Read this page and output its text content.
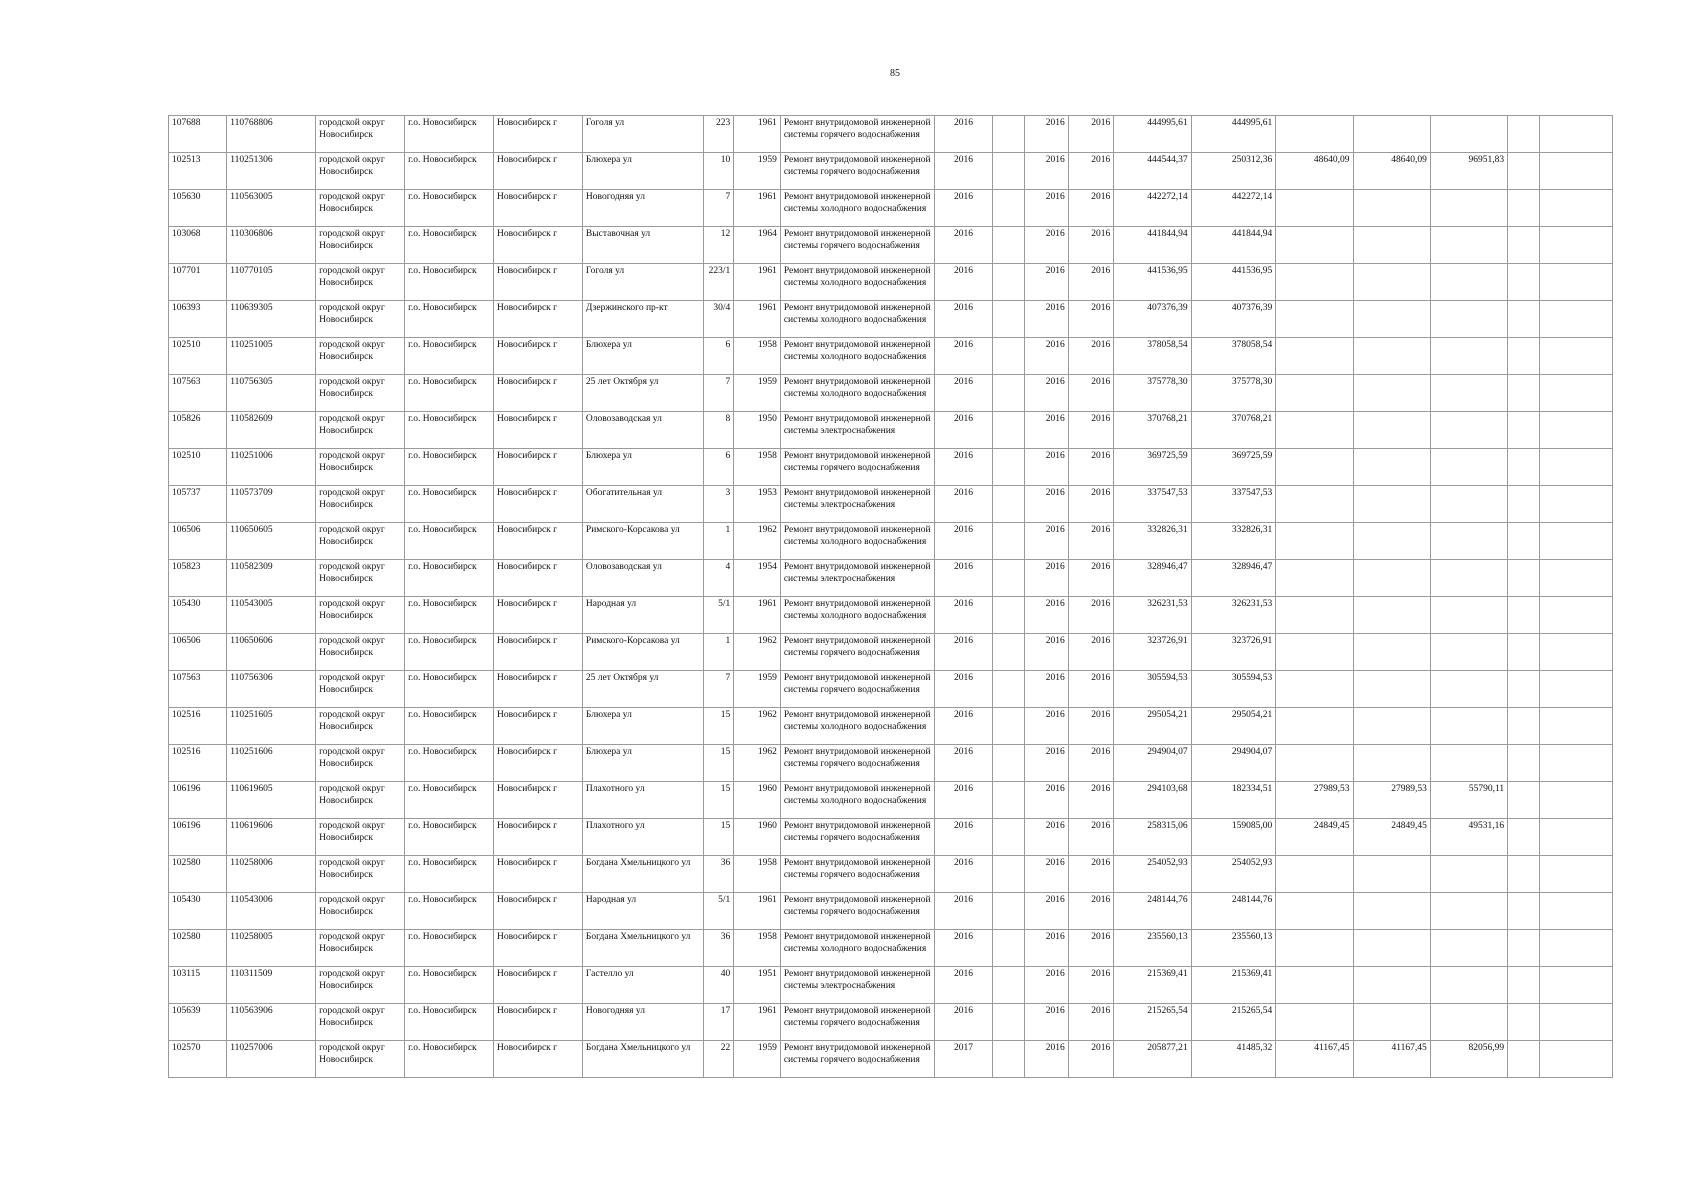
85
107688	110768806	городской округ Новосибирск	г.о. Новосибирск	Новосибирск г	Гоголя ул	223	1961	Ремонт внутридомовой инженерной системы горячего водоснабжения	2016		2016	2016	444995,61	444995,61					
102513	110251306	городской округ Новосибирск	г.о. Новосибирск	Новосибирск г	Блюхера ул	10	1959	Ремонт внутридомовой инженерной системы горячего водоснабжения	2016		2016	2016	444544,37	250312,36	48640,09	48640,09	96951,83		
105630	110563005	городской округ Новосибирск	г.о. Новосибирск	Новосибирск г	Новогодняя ул	7	1961	Ремонт внутридомовой инженерной системы холодного водоснабжения	2016		2016	2016	442272,14	442272,14					
103068	110306806	городской округ Новосибирск	г.о. Новосибирск	Новосибирск г	Выставочная ул	12	1964	Ремонт внутридомовой инженерной системы горячего водоснабжения	2016		2016	2016	441844,94	441844,94					
107701	110770105	городской округ Новосибирск	г.о. Новосибирск	Новосибирск г	Гоголя ул	223/1	1961	Ремонт внутридомовой инженерной системы холодного водоснабжения	2016		2016	2016	441536,95	441536,95					
106393	110639305	городской округ Новосибирск	г.о. Новосибирск	Новосибирск г	Дзержинского пр-кт	30/4	1961	Ремонт внутридомовой инженерной системы холодного водоснабжения	2016		2016	2016	407376,39	407376,39					
102510	110251005	городской округ Новосибирск	г.о. Новосибирск	Новосибирск г	Блюхера ул	6	1958	Ремонт внутридомовой инженерной системы холодного водоснабжения	2016		2016	2016	378058,54	378058,54					
107563	110756305	городской округ Новосибирск	г.о. Новосибирск	Новосибирск г	25 лет Октября ул	7	1959	Ремонт внутридомовой инженерной системы холодного водоснабжения	2016		2016	2016	375778,30	375778,30					
105826	110582609	городской округ Новосибирск	г.о. Новосибирск	Новосибирск г	Оловозаводская ул	8	1950	Ремонт внутридомовой инженерной системы электроснабжения	2016		2016	2016	370768,21	370768,21					
102510	110251006	городской округ Новосибирск	г.о. Новосибирск	Новосибирск г	Блюхера ул	6	1958	Ремонт внутридомовой инженерной системы горячего водоснабжения	2016		2016	2016	369725,59	369725,59					
105737	110573709	городской округ Новосибирск	г.о. Новосибирск	Новосибирск г	Обогатительная ул	3	1953	Ремонт внутридомовой инженерной системы электроснабжения	2016		2016	2016	337547,53	337547,53					
106506	110650605	городской округ Новосибирск	г.о. Новосибирск	Новосибирск г	Римского-Корсакова ул	1	1962	Ремонт внутридомовой инженерной системы холодного водоснабжения	2016		2016	2016	332826,31	332826,31					
105823	110582309	городской округ Новосибирск	г.о. Новосибирск	Новосибирск г	Оловозаводская ул	4	1954	Ремонт внутридомовой инженерной системы электроснабжения	2016		2016	2016	328946,47	328946,47					
105430	110543005	городской округ Новосибирск	г.о. Новосибирск	Новосибирск г	Народная ул	5/1	1961	Ремонт внутридомовой инженерной системы холодного водоснабжения	2016		2016	2016	326231,53	326231,53					
106506	110650606	городской округ Новосибирск	г.о. Новосибирск	Новосибирск г	Римского-Корсакова ул	1	1962	Ремонт внутридомовой инженерной системы горячего водоснабжения	2016		2016	2016	323726,91	323726,91					
107563	110756306	городской округ Новосибирск	г.о. Новосибирск	Новосибирск г	25 лет Октября ул	7	1959	Ремонт внутридомовой инженерной системы горячего водоснабжения	2016		2016	2016	305594,53	305594,53					
102516	110251605	городской округ Новосибирск	г.о. Новосибирск	Новосибирск г	Блюхера ул	15	1962	Ремонт внутридомовой инженерной системы холодного водоснабжения	2016		2016	2016	295054,21	295054,21					
102516	110251606	городской округ Новосибирск	г.о. Новосибирск	Новосибирск г	Блюхера ул	15	1962	Ремонт внутридомовой инженерной системы горячего водоснабжения	2016		2016	2016	294904,07	294904,07					
106196	110619605	городской округ Новосибирск	г.о. Новосибирск	Новосибирск г	Плахотного ул	15	1960	Ремонт внутридомовой инженерной системы холодного водоснабжения	2016		2016	2016	294103,68	182334,51	27989,53	27989,53	55790,11		
106196	110619606	городской округ Новосибирск	г.о. Новосибирск	Новосибирск г	Плахотного ул	15	1960	Ремонт внутридомовой инженерной системы горячего водоснабжения	2016		2016	2016	258315,06	159085,00	24849,45	24849,45	49531,16		
102580	110258006	городской округ Новосибирск	г.о. Новосибирск	Новосибирск г	Богдана Хмельницкого ул	36	1958	Ремонт внутридомовой инженерной системы горячего водоснабжения	2016		2016	2016	254052,93	254052,93					
105430	110543006	городской округ Новосибирск	г.о. Новосибирск	Новосибирск г	Народная ул	5/1	1961	Ремонт внутридомовой инженерной системы горячего водоснабжения	2016		2016	2016	248144,76	248144,76					
102580	110258005	городской округ Новосибирск	г.о. Новосибирск	Новосибирск г	Богдана Хмельницкого ул	36	1958	Ремонт внутридомовой инженерной системы холодного водоснабжения	2016		2016	2016	235560,13	235560,13					
103115	110311509	городской округ Новосибирск	г.о. Новосибирск	Новосибирск г	Гастелло ул	40	1951	Ремонт внутридомовой инженерной системы электроснабжения	2016		2016	2016	215369,41	215369,41					
105639	110563906	городской округ Новосибирск	г.о. Новосибирск	Новосибирск г	Новогодняя ул	17	1961	Ремонт внутридомовой инженерной системы горячего водоснабжения	2016		2016	2016	215265,54	215265,54					
102570	110257006	городской округ Новосибирск	г.о. Новосибирск	Новосибирск г	Богдана Хмельницкого ул	22	1959	Ремонт внутридомовой инженерной системы горячего водоснабжения	2017		2016	2016	205877,21	41485,32	41167,45	41167,45	82056,99		
